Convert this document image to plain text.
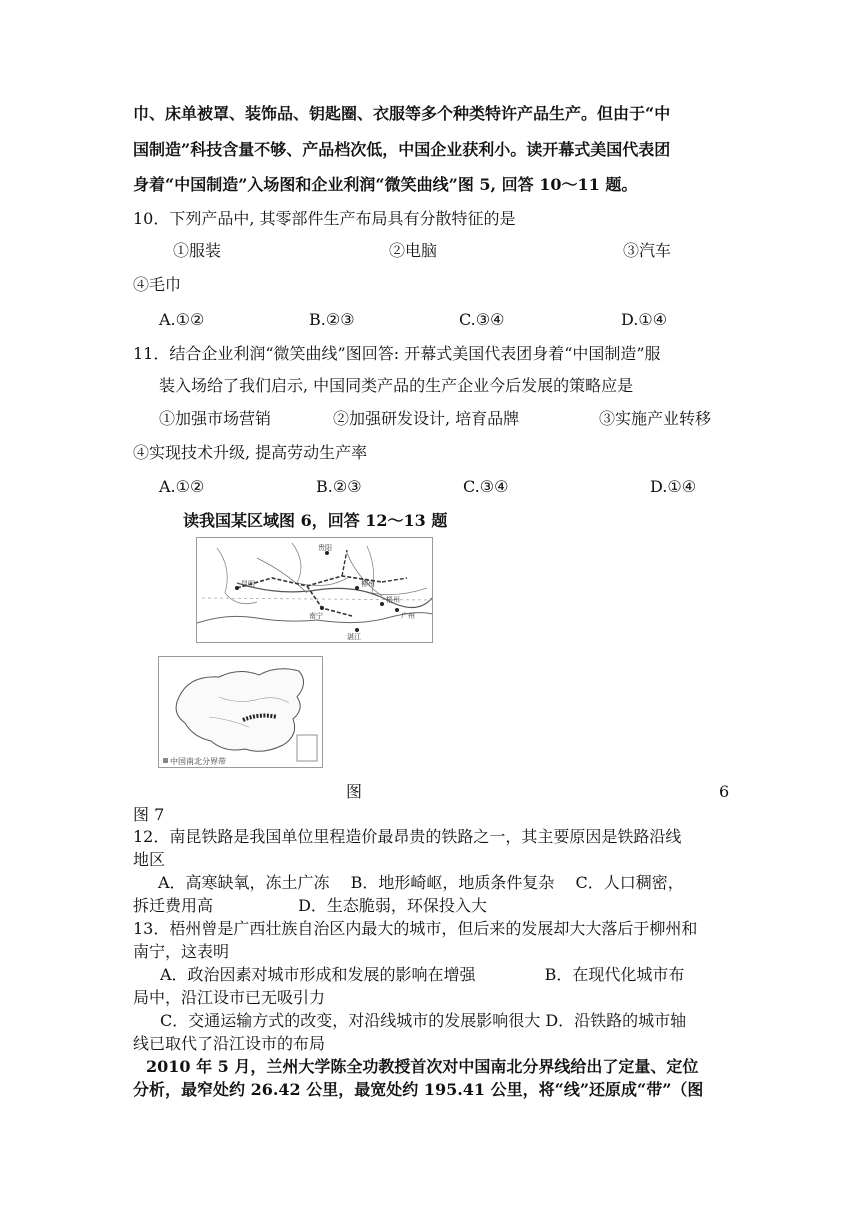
巾、床单被罩、装饰品、钥匙圈、衣服等多个种类特许产品生产。但由于“中
国制造”科技含量不够、产品档次低，中国企业获利小。读开幕式美国代表团
身着“中国制造”入场图和企业利润“微笑曲线”图 5, 回答 10～11 题。
10．下列产品中, 其零部件生产布局具有分散特征的是
①服装	②电脑	③汽车
④毛巾
A.①②	B.②③	C.③④	D.①④
11．结合企业利润“微笑曲线”图回答: 开幕式美国代表团身着“中国制造”服
装入场给了我们启示, 中国同类产品的生产企业今后发展的策略应是
①加强市场营销	②加强研发设计, 培育品牌	③实施产业转移
④实现技术升级, 提高劳动生产率
A.①②	B.②③	C.③④	D.①④
读我国某区域图 6，回答 12～13 题
昆明
贵阳
南宁
柳州
梧州
广州
湛江
中国南北分界带
图	6
图 7
12．南昆铁路是我国单位里程造价最昂贵的铁路之一，其主要原因是铁路沿线
地区
A．高寒缺氧，冻土广冻　 B．地形崎岖，地质条件复杂　 C．人口稠密，
拆迁费用高　　　　　 D．生态脆弱，环保投入大
13．梧州曾是广西壮族自治区内最大的城市，但后来的发展却大大落后于柳州和
南宁，这表明
A．政治因素对城市形成和发展的影响在增强　　　　 B．在现代化城市布
局中，沿江设市已无吸引力
C．交通运输方式的改变，对沿线城市的发展影响很大 D．沿铁路的城市轴
线已取代了沿江设市的布局
2010 年 5 月，兰州大学陈全功教授首次对中国南北分界线给出了定量、定位
分析，最窄处约 26.42 公里，最宽处约 195.41 公里，将“线”还原成“带”（图
